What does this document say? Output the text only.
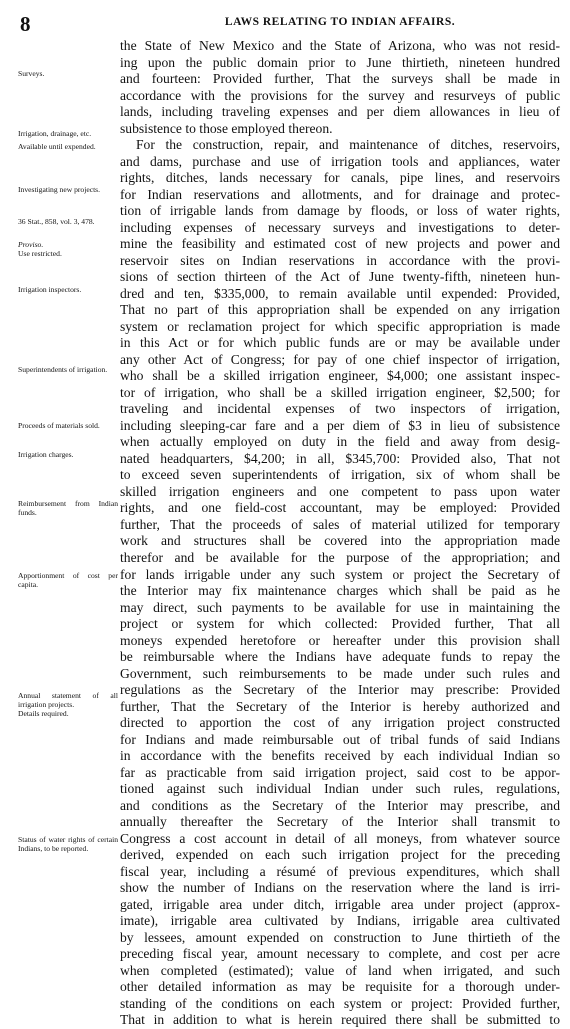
8	LAWS RELATING TO INDIAN AFFAIRS.
Surveys.
Irrigation, drainage, etc.
Available until expended.
Investigating new projects.
36 Stat., 858, vol. 3, 478.
Proviso.
Use restricted.
Irrigation inspectors.
Superintendents of irrigation.
Proceeds of materials sold.
Irrigation charges.
Reimbursement from Indian funds.
Apportionment of cost per capita.
Annual statement of all irrigation projects.
Details required.
Status of water rights of certain Indians, to be reported.
the State of New Mexico and the State of Arizona, who was not resid-
ing upon the public domain prior to June thirtieth, nineteen hundred
and fourteen: Provided further, That the surveys shall be made in
accordance with the provisions for the survey and resurveys of public
lands, including traveling expenses and per diem allowances in lieu of
subsistence to those employed thereon.
For the construction, repair, and maintenance of ditches, reservoirs,
and dams, purchase and use of irrigation tools and appliances, water
rights, ditches, lands necessary for canals, pipe lines, and reservoirs
for Indian reservations and allotments, and for drainage and protec-
tion of irrigable lands from damage by floods, or loss of water rights,
including expenses of necessary surveys and investigations to deter-
mine the feasibility and estimated cost of new projects and power and
reservoir sites on Indian reservations in accordance with the provi-
sions of section thirteen of the Act of June twenty-fifth, nineteen hun-
dred and ten, $335,000, to remain available until expended: Provided,
That no part of this appropriation shall be expended on any irrigation
system or reclamation project for which specific appropriation is made
in this Act or for which public funds are or may be available under
any other Act of Congress; for pay of one chief inspector of irrigation,
who shall be a skilled irrigation engineer, $4,000; one assistant inspec-
tor of irrigation, who shall be a skilled irrigation engineer, $2,500; for
traveling and incidental expenses of two inspectors of irrigation,
including sleeping-car fare and a per diem of $3 in lieu of subsistence
when actually employed on duty in the field and away from desig-
nated headquarters, $4,200; in all, $345,700: Provided also, That not
to exceed seven superintendents of irrigation, six of whom shall be
skilled irrigation engineers and one competent to pass upon water
rights, and one field-cost accountant, may be employed: Provided
further, That the proceeds of sales of material utilized for temporary
work and structures shall be covered into the appropriation made
therefor and be available for the purpose of the appropriation; and
for lands irrigable under any such system or project the Secretary of
the Interior may fix maintenance charges which shall be paid as he
may direct, such payments to be available for use in maintaining the
project or system for which collected: Provided further, That all
moneys expended heretofore or hereafter under this provision shall
be reimbursable where the Indians have adequate funds to repay the
Government, such reimbursements to be made under such rules and
regulations as the Secretary of the Interior may prescribe: Provided
further, That the Secretary of the Interior is hereby authorized and
directed to apportion the cost of any irrigation project constructed
for Indians and made reimbursable out of tribal funds of said Indians
in accordance with the benefits received by each individual Indian so
far as practicable from said irrigation project, said cost to be appor-
tioned against such individual Indian under such rules, regulations,
and conditions as the Secretary of the Interior may prescribe, and
annually thereafter the Secretary of the Interior shall transmit to
Congress a cost account in detail of all moneys, from whatever source
derived, expended on each such irrigation project for the preceding
fiscal year, including a résumé of previous expenditures, which shall
show the number of Indians on the reservation where the land is irri-
gated, irrigable area under ditch, irrigable area under project (approx-
imate), irrigable area cultivated by Indians, irrigable area cultivated
by lessees, amount expended on construction to June thirtieth of the
preceding fiscal year, amount necessary to complete, and cost per acre
when completed (estimated); value of land when irrigated, and such
other detailed information as may be requisite for a thorough under-
standing of the conditions on each system or project: Provided further,
That in addition to what is herein required there shall be submitted to
